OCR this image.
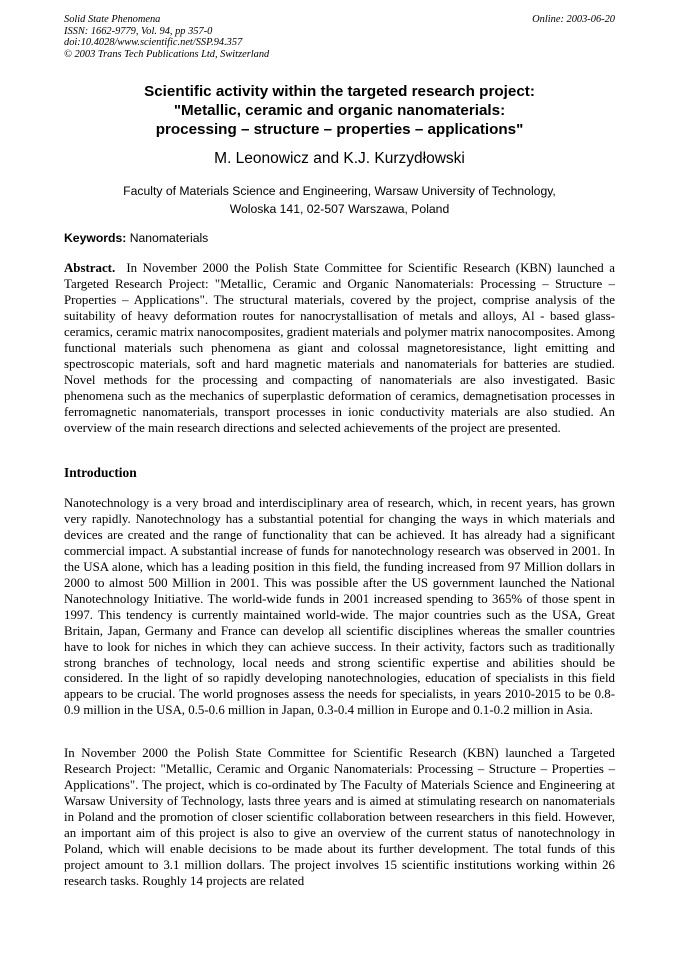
Solid State Phenomena
ISSN: 1662-9779, Vol. 94, pp 357-0
doi:10.4028/www.scientific.net/SSP.94.357
© 2003 Trans Tech Publications Ltd, Switzerland
Online: 2003-06-20
Scientific activity within the targeted research project:
"Metallic, ceramic and organic nanomaterials:
processing – structure – properties – applications"
M. Leonowicz and K.J. Kurzydłowski
Faculty of Materials Science and Engineering, Warsaw University of Technology,
Woloska 141, 02-507 Warszawa, Poland
Keywords: Nanomaterials

Abstract. In November 2000 the Polish State Committee for Scientific Research (KBN) launched a Targeted Research Project: "Metallic, Ceramic and Organic Nanomaterials: Processing – Structure – Properties – Applications". The structural materials, covered by the project, comprise analysis of the suitability of heavy deformation routes for nanocrystallisation of metals and alloys, Al - based glass-ceramics, ceramic matrix nanocomposites, gradient materials and polymer matrix nanocomposites. Among functional materials such phenomena as giant and colossal magnetoresistance, light emitting and spectroscopic materials, soft and hard magnetic materials and nanomaterials for batteries are studied. Novel methods for the processing and compacting of nanomaterials are also investigated. Basic phenomena such as the mechanics of superplastic deformation of ceramics, demagnetisation processes in ferromagnetic nanomaterials, transport processes in ionic conductivity materials are also studied. An overview of the main research directions and selected achievements of the project are presented.

Introduction

Nanotechnology is a very broad and interdisciplinary area of research, which, in recent years, has grown very rapidly. Nanotechnology has a substantial potential for changing the ways in which materials and devices are created and the range of functionality that can be achieved. It has already had a significant commercial impact. A substantial increase of funds for nanotechnology research was observed in 2001. In the USA alone, which has a leading position in this field, the funding increased from 97 Million dollars in 2000 to almost 500 Million in 2001. This was possible after the US government launched the National Nanotechnology Initiative. The world-wide funds in 2001 increased spending to 365% of those spent in 1997. This tendency is currently maintained world-wide. The major countries such as the USA, Great Britain, Japan, Germany and France can develop all scientific disciplines whereas the smaller countries have to look for niches in which they can achieve success. In their activity, factors such as traditionally strong branches of technology, local needs and strong scientific expertise and abilities should be considered. In the light of so rapidly developing nanotechnologies, education of specialists in this field appears to be crucial. The world prognoses assess the needs for specialists, in years 2010-2015 to be 0.8-0.9 million in the USA, 0.5-0.6 million in Japan, 0.3-0.4 million in Europe and 0.1-0.2 million in Asia.

In November 2000 the Polish State Committee for Scientific Research (KBN) launched a Targeted Research Project: "Metallic, Ceramic and Organic Nanomaterials: Processing – Structure – Properties – Applications". The project, which is co-ordinated by The Faculty of Materials Science and Engineering at Warsaw University of Technology, lasts three years and is aimed at stimulating research on nanomaterials in Poland and the promotion of closer scientific collaboration between researchers in this field. However, an important aim of this project is also to give an overview of the current status of nanotechnology in Poland, which will enable decisions to be made about its further development. The total funds of this project amount to 3.1 million dollars. The project involves 15 scientific institutions working within 26 research tasks. Roughly 14 projects are related
